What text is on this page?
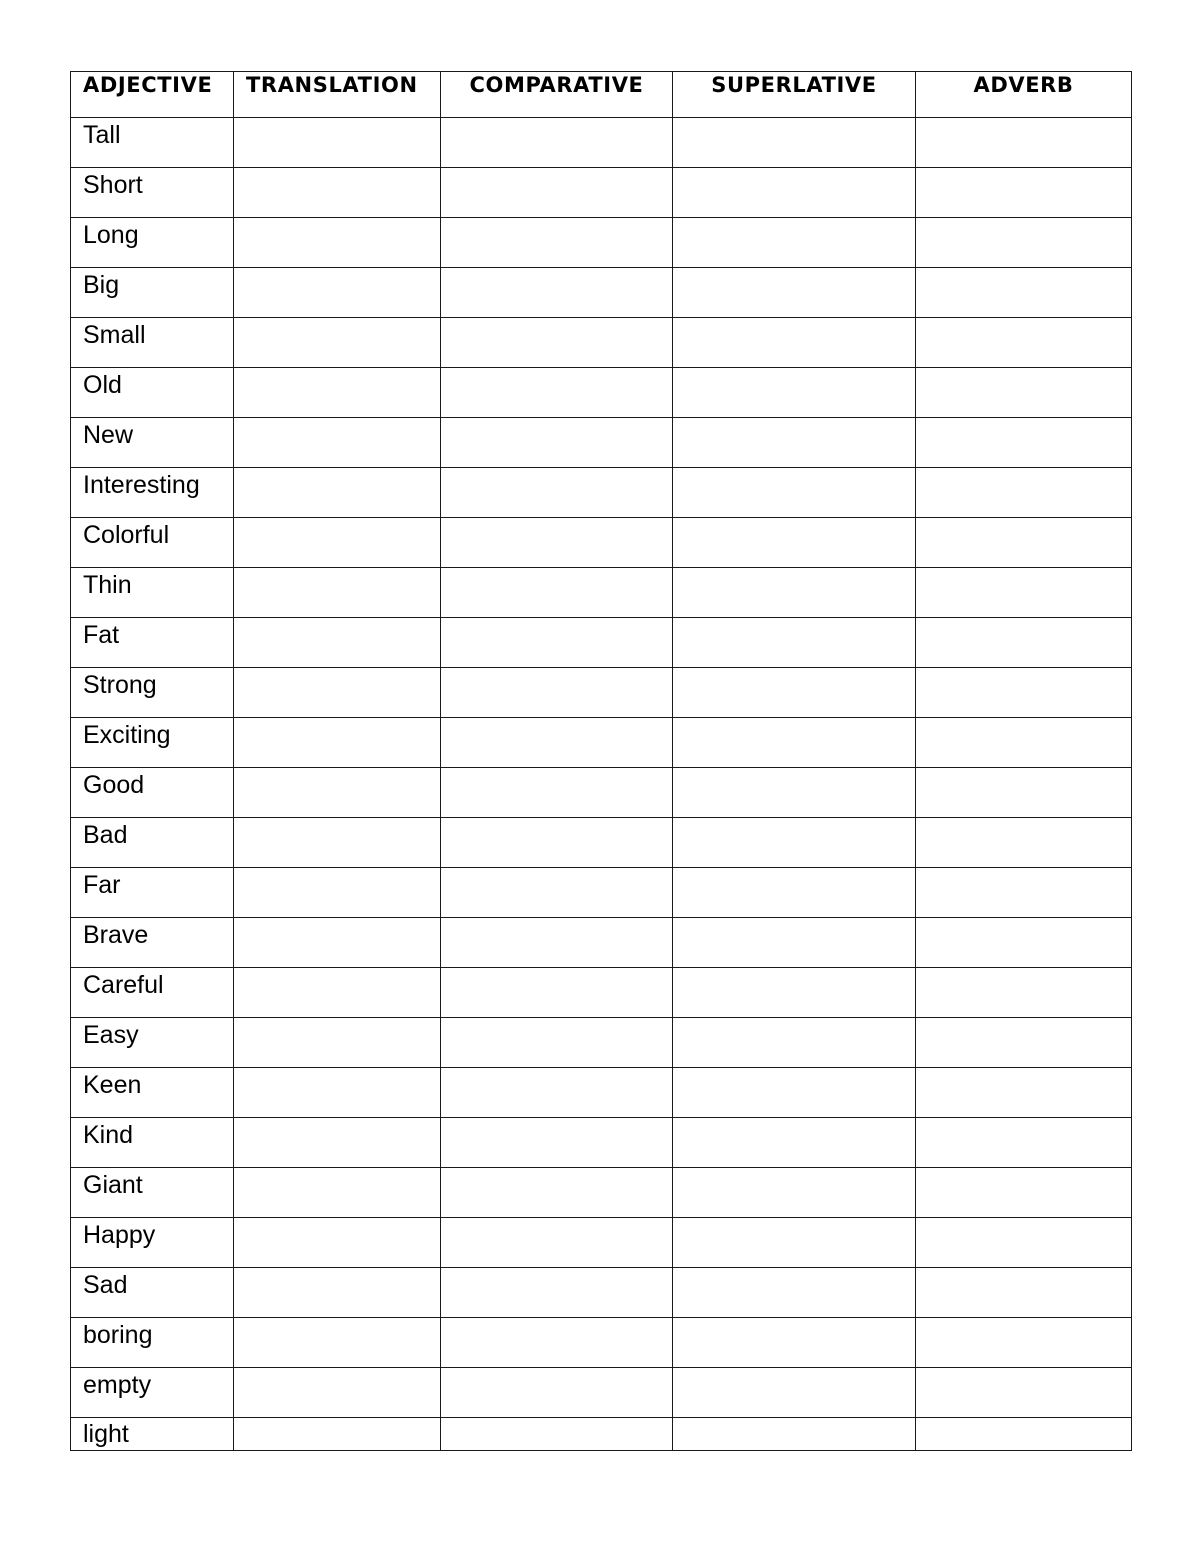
ADJECTIVE	TRANSLATION	COMPARATIVE	SUPERLATIVE	ADVERB
Tall				
Short				
Long				
Big				
Small				
Old				
New				
Interesting				
Colorful				
Thin				
Fat				
Strong				
Exciting				
Good				
Bad				
Far				
Brave				
Careful				
Easy				
Keen				
Kind				
Giant				
Happy				
Sad				
boring				
empty				
light				
